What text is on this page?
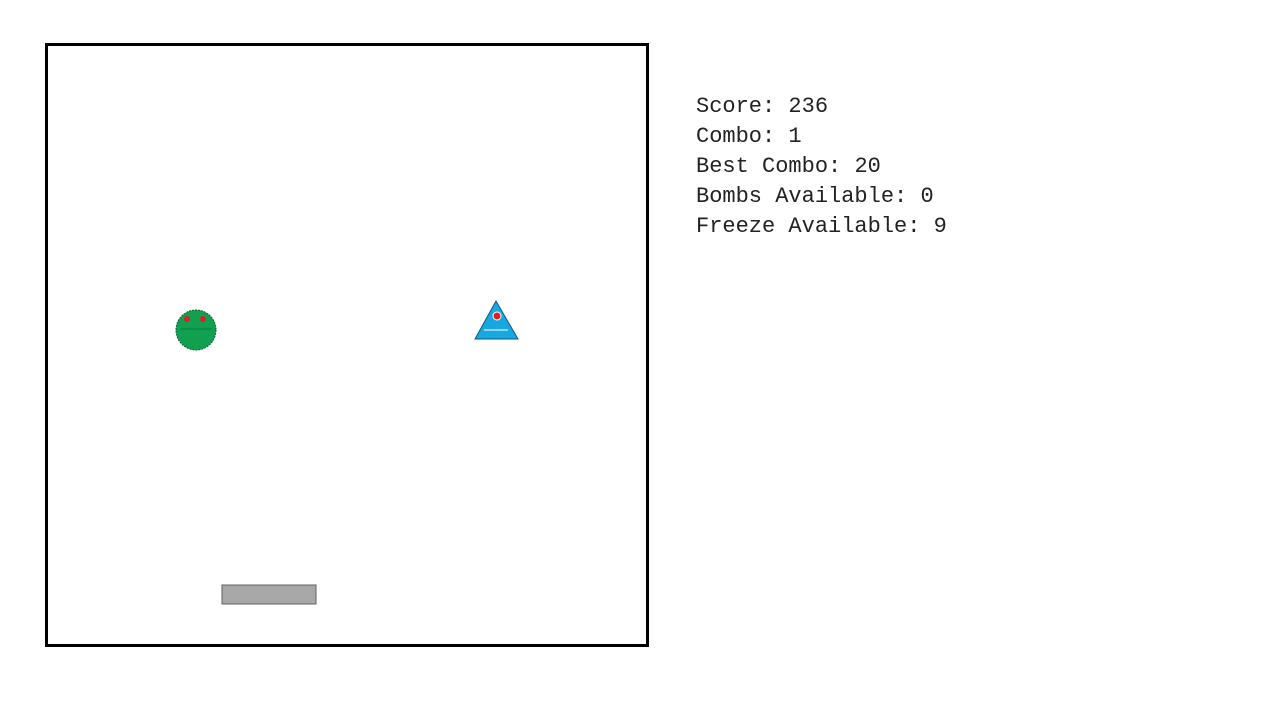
Score: 236
Combo: 1
Best Combo: 20
Bombs Available: 0
Freeze Available: 9
